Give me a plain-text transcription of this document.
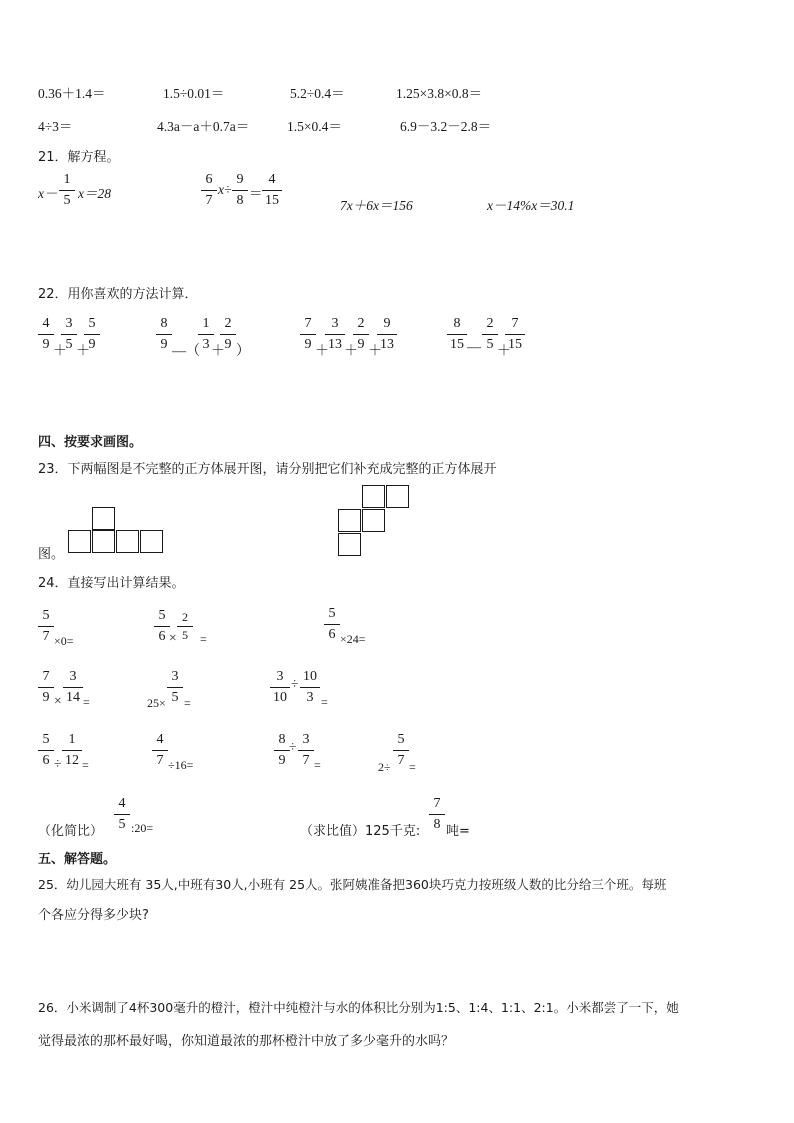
0.36＋1.4＝	1.5÷0.01＝	5.2÷0.4＝	1.25×3.8×0.8＝
4÷3＝	4.3a－a＋0.7a＝	1.5×0.4＝	6.9－3.2－2.8＝
21．解方程。
x－
1
5 x＝28
6
7
x÷
9
8 ＝
4
15	7x＋6x＝156	x－14%x＝30.1
22．用你喜欢的方法计算．
4
9 ＋
3
5 ＋
5
9
8
9 —（
1
3 ＋
2
9 ）
7
9 ＋
3
13 ＋
2
9 ＋
9
13
8
15 —
2
5 ＋
7
15
四、按要求画图。
23．下两幅图是不完整的正方体展开图，请分别把它们补充成完整的正方体展开
图。
24．直接写出计算结果。
5
7 ×0=
5
6 ×
2
5	=
5
6 ×24=
7
9 ×
3
14 =	25×
3
5 =
3
10
÷ 10
3 =
5
6 ÷
1
12 =
4
7 ÷16=
8
9
÷ 3
7 =	2÷
5
7 =
（化简比）
4
5 :20=	（求比值）125千克:
7
8 吨=
五、解答题。
25．幼儿园大班有 35人,中班有30人,小班有 25人。张阿姨准备把360块巧克力按班级人数的比分给三个班。每班
个各应分得多少块?
26．小米调制了4杯300毫升的橙汁，橙汁中纯橙汁与水的体积比分别为1:5、1:4、1:1、2:1。小米都尝了一下，她
觉得最浓的那杯最好喝，你知道最浓的那杯橙汁中放了多少毫升的水吗？
